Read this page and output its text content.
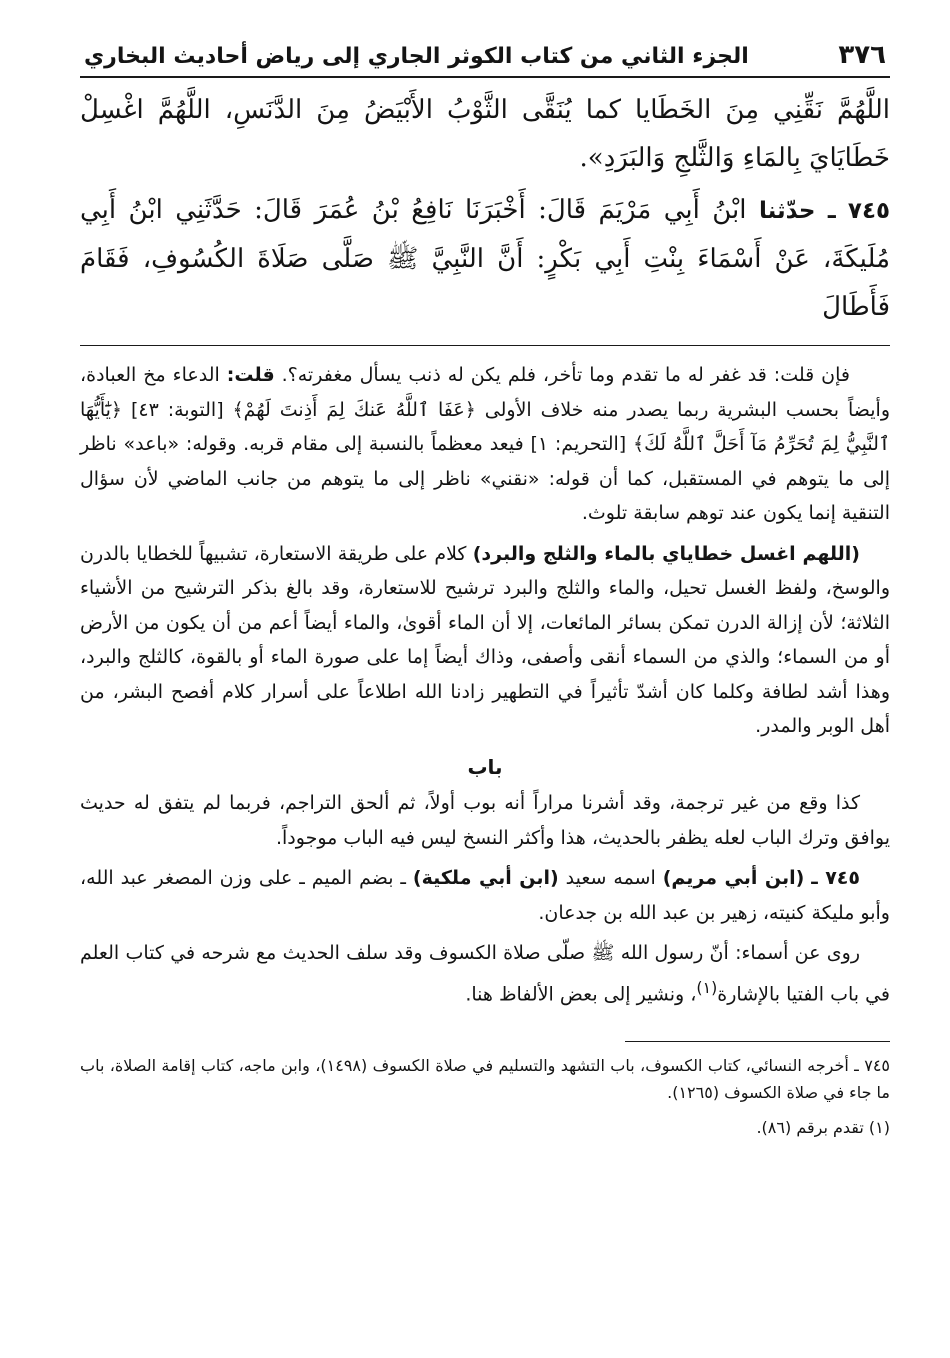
٣٧٦
الجزء الثاني من كتاب الكوثر الجاري إلى رياض أحاديث البخاري

اللَّهُمَّ نَقِّنِي مِنَ الخَطَايا كما يُنَقَّى الثَّوْبُ الأَبْيَضُ مِنَ الدَّنَسِ، اللَّهُمَّ اغْسِلْ خَطَايَايَ بِالمَاءِ وَالثَّلجِ وَالبَرَدِ».

٧٤٥ ـ حدّثنا ابْنُ أَبِي مَرْيَمَ قَالَ: أَخْبَرَنَا نَافِعُ بْنُ عُمَرَ قَالَ: حَدَّثَنِي ابْنُ أَبِي مُلَيكَةَ، عَنْ أَسْمَاءَ بِنْتِ أَبِي بَكْرٍ: أَنَّ النَّبِيَّ ﷺ صَلَّى صَلَاةَ الكُسُوفِ، فَقَامَ فَأَطَالَ

فإن قلت: قد غفر له ما تقدم وما تأخر، فلم يكن له ذنب يسأل مغفرته؟. قلت: الدعاء مخ العبادة، وأيضاً بحسب البشرية ربما يصدر منه خلاف الأولى ﴿عَفَا ٱللَّهُ عَنكَ لِمَ أَذِنتَ لَهُمْ﴾ [التوبة: ٤٣] ﴿يَٰٓأَيُّهَا ٱلنَّبِيُّ لِمَ تُحَرِّمُ مَآ أَحَلَّ ٱللَّهُ لَكَ﴾ [التحريم: ١] فيعد معظماً بالنسبة إلى مقام قربه. وقوله: «باعد» ناظر إلى ما يتوهم في المستقبل، كما أن قوله: «نقني» ناظر إلى ما يتوهم من جانب الماضي لأن سؤال التنقية إنما يكون عند توهم سابقة تلوث.

(اللهم اغسل خطاياي بالماء والثلج والبرد) كلام على طريقة الاستعارة، تشبيهاً للخطايا بالدرن والوسخ، ولفظ الغسل تحيل، والماء والثلج والبرد ترشيح للاستعارة، وقد بالغ بذكر الترشيح من الأشياء الثلاثة؛ لأن إزالة الدرن تمكن بسائر المائعات، إلا أن الماء أقوىٰ، والماء أيضاً أعم من أن يكون من الأرض أو من السماء؛ والذي من السماء أنقى وأصفى، وذاك أيضاً إما على صورة الماء أو بالقوة، كالثلج والبرد، وهذا أشد لطافة وكلما كان أشدّ تأثيراً في التطهير زادنا الله اطلاعاً على أسرار كلام أفصح البشر، من أهل الوبر والمدر.

باب

كذا وقع من غير ترجمة، وقد أشرنا مراراً أنه بوب أولاً، ثم ألحق التراجم، فربما لم يتفق له حديث يوافق وترك الباب لعله يظفر بالحديث، هذا وأكثر النسخ ليس فيه الباب موجوداً.

٧٤٥ ـ (ابن أبي مريم) اسمه سعيد (ابن أبي ملكية) ـ بضم الميم ـ على وزن المصغر عبد الله، وأبو مليكة كنيته، زهير بن عبد الله بن جدعان.

روى عن أسماء: أنّ رسول الله ﷺ صلّى صلاة الكسوف وقد سلف الحديث مع شرحه في كتاب العلم في باب الفتيا بالإشارة$^{(١)}$، ونشير إلى بعض الألفاظ هنا.

٧٤٥ ـ أخرجه النسائي، كتاب الكسوف، باب التشهد والتسليم في صلاة الكسوف (١٤٩٨)، وابن ماجه، كتاب إقامة الصلاة، باب ما جاء في صلاة الكسوف (١٢٦٥).

(١) تقدم برقم (٨٦).
